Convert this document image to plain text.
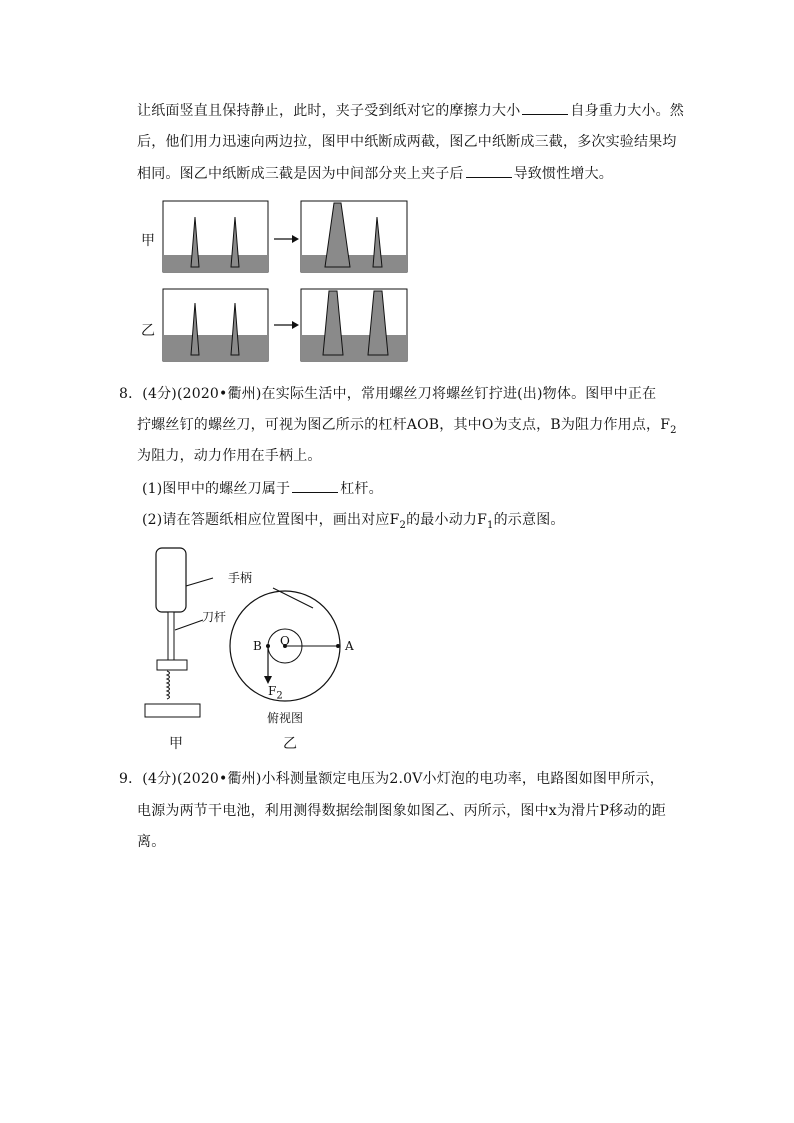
让纸面竖直且保持静止，此时，夹子受到纸对它的摩擦力大小	自身重力大小。然
后，他们用力迅速向两边拉，图甲中纸断成两截，图乙中纸断成三截，多次实验结果均
相同。图乙中纸断成三截是因为中间部分夹上夹子后	导致惯性增大。
甲
乙
8．(4分)(2020•衢州)在实际生活中，常用螺丝刀将螺丝钉拧进(出)物体。图甲中正在
拧螺丝钉的螺丝刀，可视为图乙所示的杠杆AOB，其中O为支点，B为阻力作用点，$F_2$
为阻力，动力作用在手柄上。
(1)图甲中的螺丝刀属于	杠杆。
(2)请在答题纸相应位置图中，画出对应$F_2$的最小动力$F_1$的示意图。
手柄
刀杆
B O	A
$F_2$
俯视图
甲	乙
9．(4分)(2020•衢州)小科测量额定电压为2.0V小灯泡的电功率，电路图如图甲所示，
电源为两节干电池，利用测得数据绘制图象如图乙、丙所示，图中x为滑片P移动的距
离。
